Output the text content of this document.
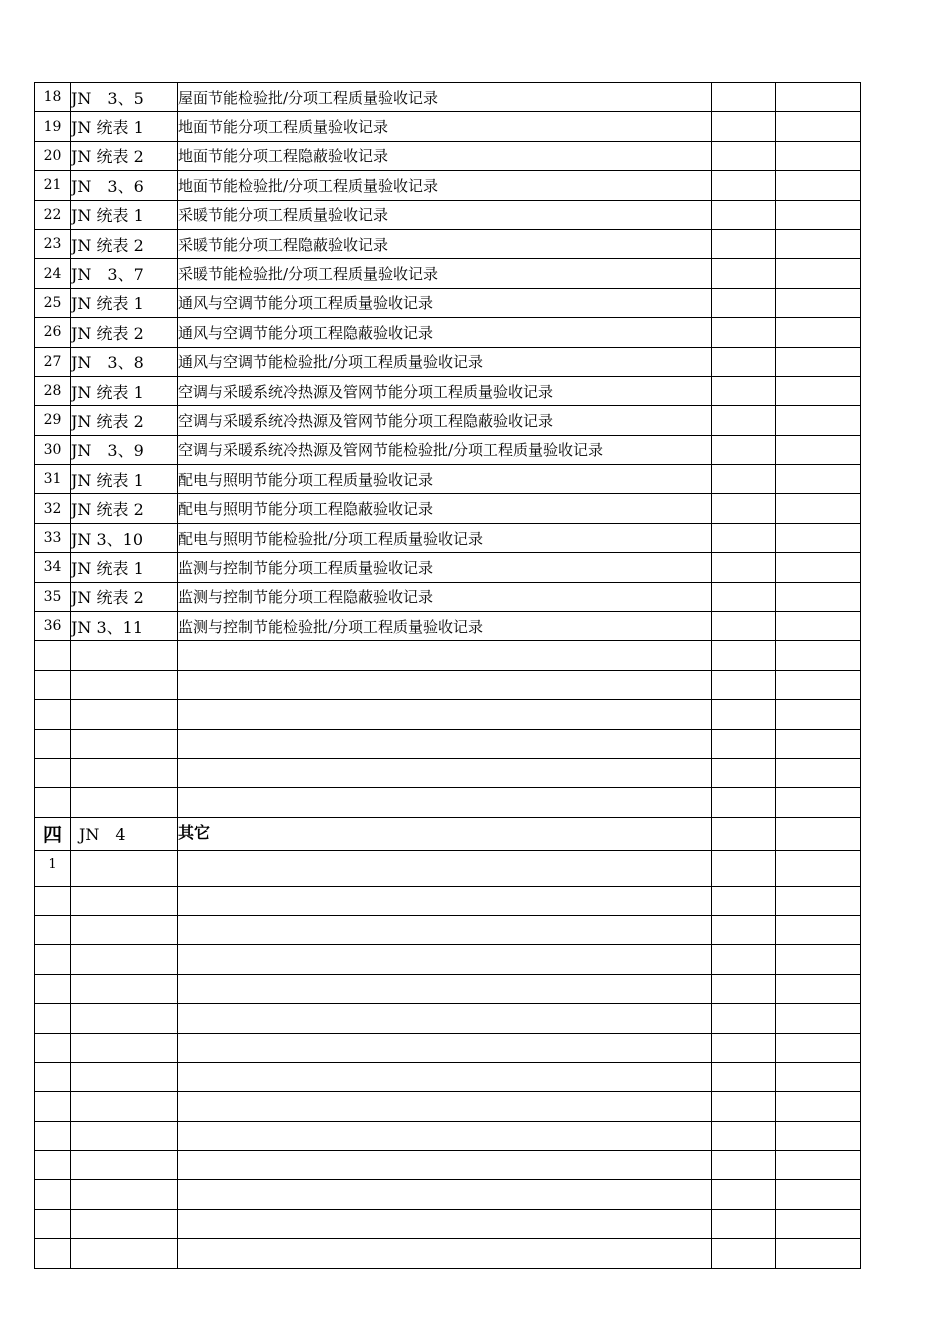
18	JN　3、5	屋面节能检验批/分项工程质量验收记录		
19	JN 统表 1	地面节能分项工程质量验收记录		
20	JN 统表 2	地面节能分项工程隐蔽验收记录		
21	JN　3、6	地面节能检验批/分项工程质量验收记录		
22	JN 统表 1	采暖节能分项工程质量验收记录		
23	JN 统表 2	采暖节能分项工程隐蔽验收记录		
24	JN　3、7	采暖节能检验批/分项工程质量验收记录		
25	JN 统表 1	通风与空调节能分项工程质量验收记录		
26	JN 统表 2	通风与空调节能分项工程隐蔽验收记录		
27	JN　3、8	通风与空调节能检验批/分项工程质量验收记录		
28	JN 统表 1	空调与采暖系统冷热源及管网节能分项工程质量验收记录		
29	JN 统表 2	空调与采暖系统冷热源及管网节能分项工程隐蔽验收记录		
30	JN　3、9	空调与采暖系统冷热源及管网节能检验批/分项工程质量验收记录		
31	JN 统表 1	配电与照明节能分项工程质量验收记录		
32	JN 统表 2	配电与照明节能分项工程隐蔽验收记录		
33	JN 3、10	配电与照明节能检验批/分项工程质量验收记录		
34	JN 统表 1	监测与控制节能分项工程质量验收记录		
35	JN 统表 2	监测与控制节能分项工程隐蔽验收记录		
36	JN 3、11	监测与控制节能检验批/分项工程质量验收记录		

四	JN　4	其它		
1				
